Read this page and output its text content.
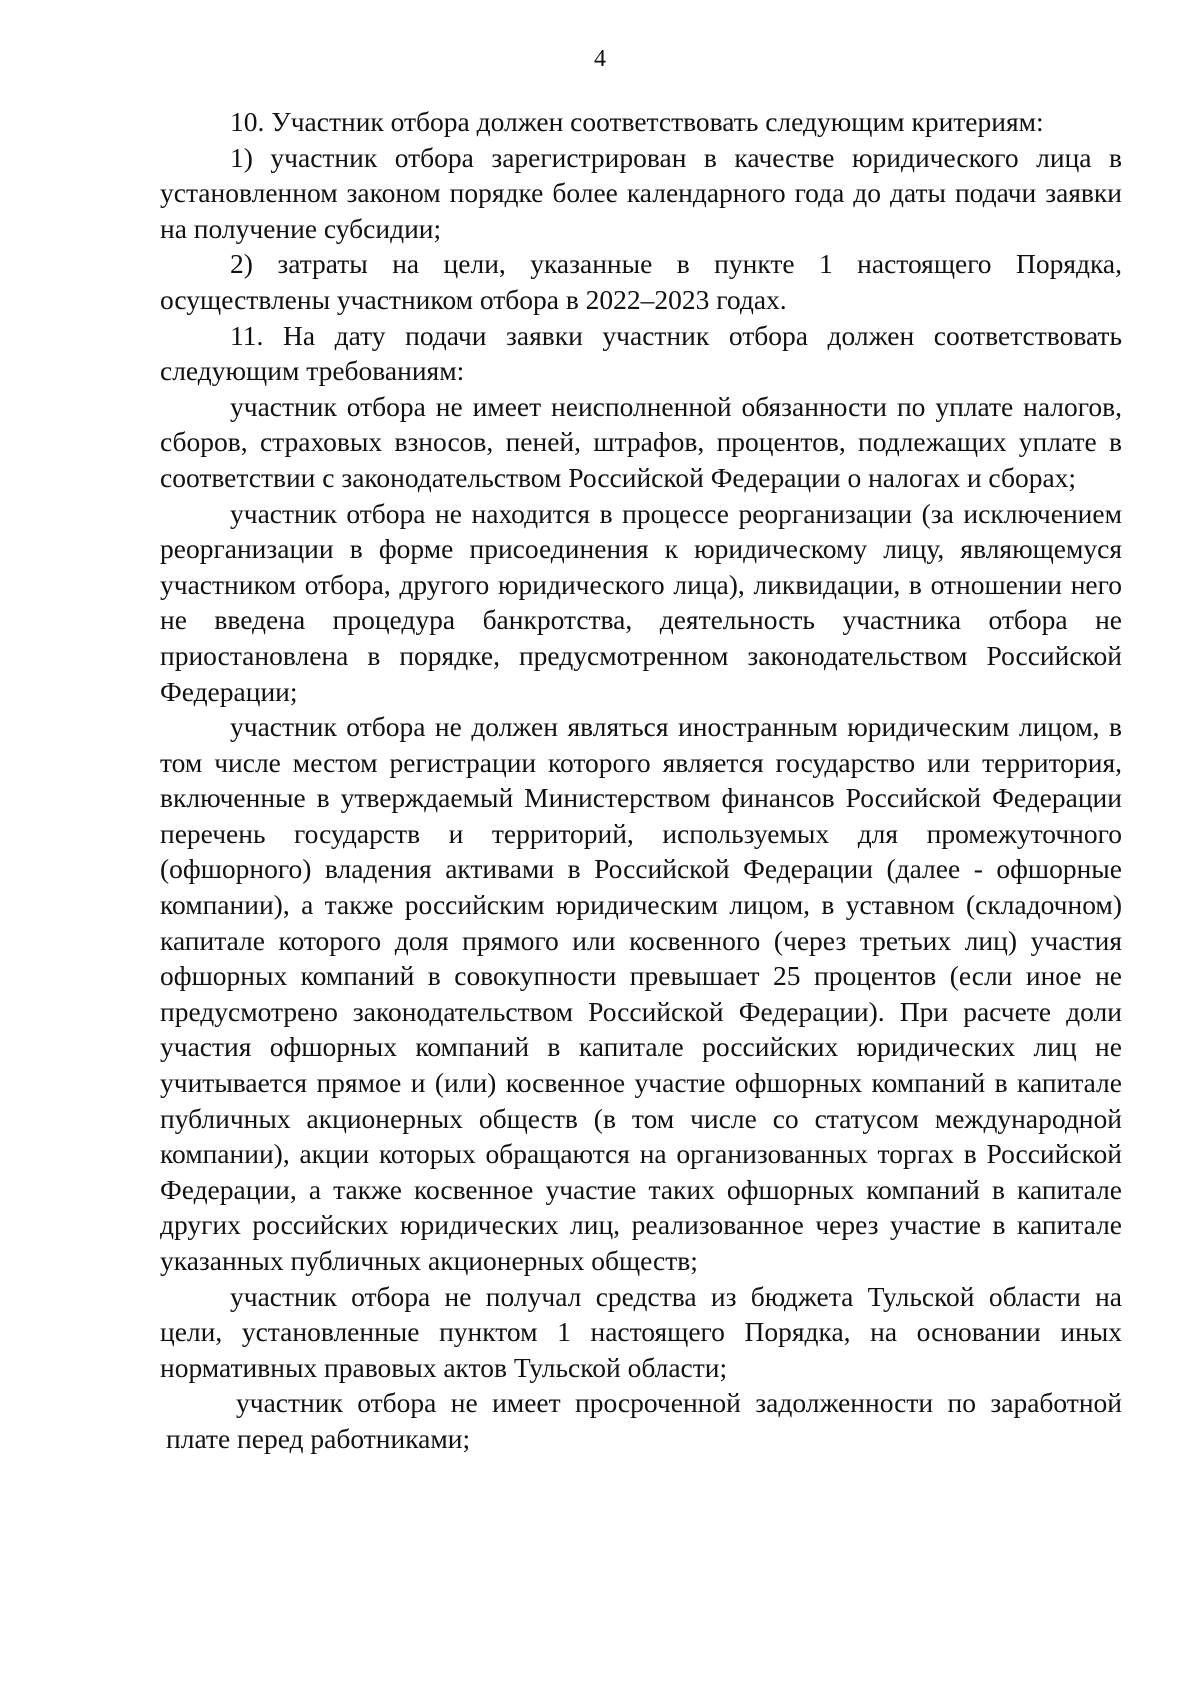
4

10. Участник отбора должен соответствовать следующим критериям:

1) участник отбора зарегистрирован в качестве юридического лица в установленном законом порядке более календарного года до даты подачи заявки на получение субсидии;

2) затраты на цели, указанные в пункте 1 настоящего Порядка, осуществлены участником отбора в 2022–2023 годах.

11. На дату подачи заявки участник отбора должен соответствовать следующим требованиям:

участник отбора не имеет неисполненной обязанности по уплате налогов, сборов, страховых взносов, пеней, штрафов, процентов, подлежащих уплате в соответствии с законодательством Российской Федерации о налогах и сборах;

участник отбора не находится в процессе реорганизации (за исключением реорганизации в форме присоединения к юридическому лицу, являющемуся участником отбора, другого юридического лица), ликвидации, в отношении него не введена процедура банкротства, деятельность участника отбора не приостановлена в порядке, предусмотренном законодательством Российской Федерации;

участник отбора не должен являться иностранным юридическим лицом, в том числе местом регистрации которого является государство или территория, включенные в утверждаемый Министерством финансов Российской Федерации перечень государств и территорий, используемых для промежуточного (офшорного) владения активами в Российской Федерации (далее - офшорные компании), а также российским юридическим лицом, в уставном (складочном) капитале которого доля прямого или косвенного (через третьих лиц) участия офшорных компаний в совокупности превышает 25 процентов (если иное не предусмотрено законодательством Российской Федерации). При расчете доли участия офшорных компаний в капитале российских юридических лиц не учитывается прямое и (или) косвенное участие офшорных компаний в капитале публичных акционерных обществ (в том числе со статусом международной компании), акции которых обращаются на организованных торгах в Российской Федерации, а также косвенное участие таких офшорных компаний в капитале других российских юридических лиц, реализованное через участие в капитале указанных публичных акционерных обществ;

участник отбора не получал средства из бюджета Тульской области на цели, установленные пунктом 1 настоящего Порядка, на основании иных нормативных правовых актов Тульской области;

участник отбора не имеет просроченной задолженности по заработной плате перед работниками;
